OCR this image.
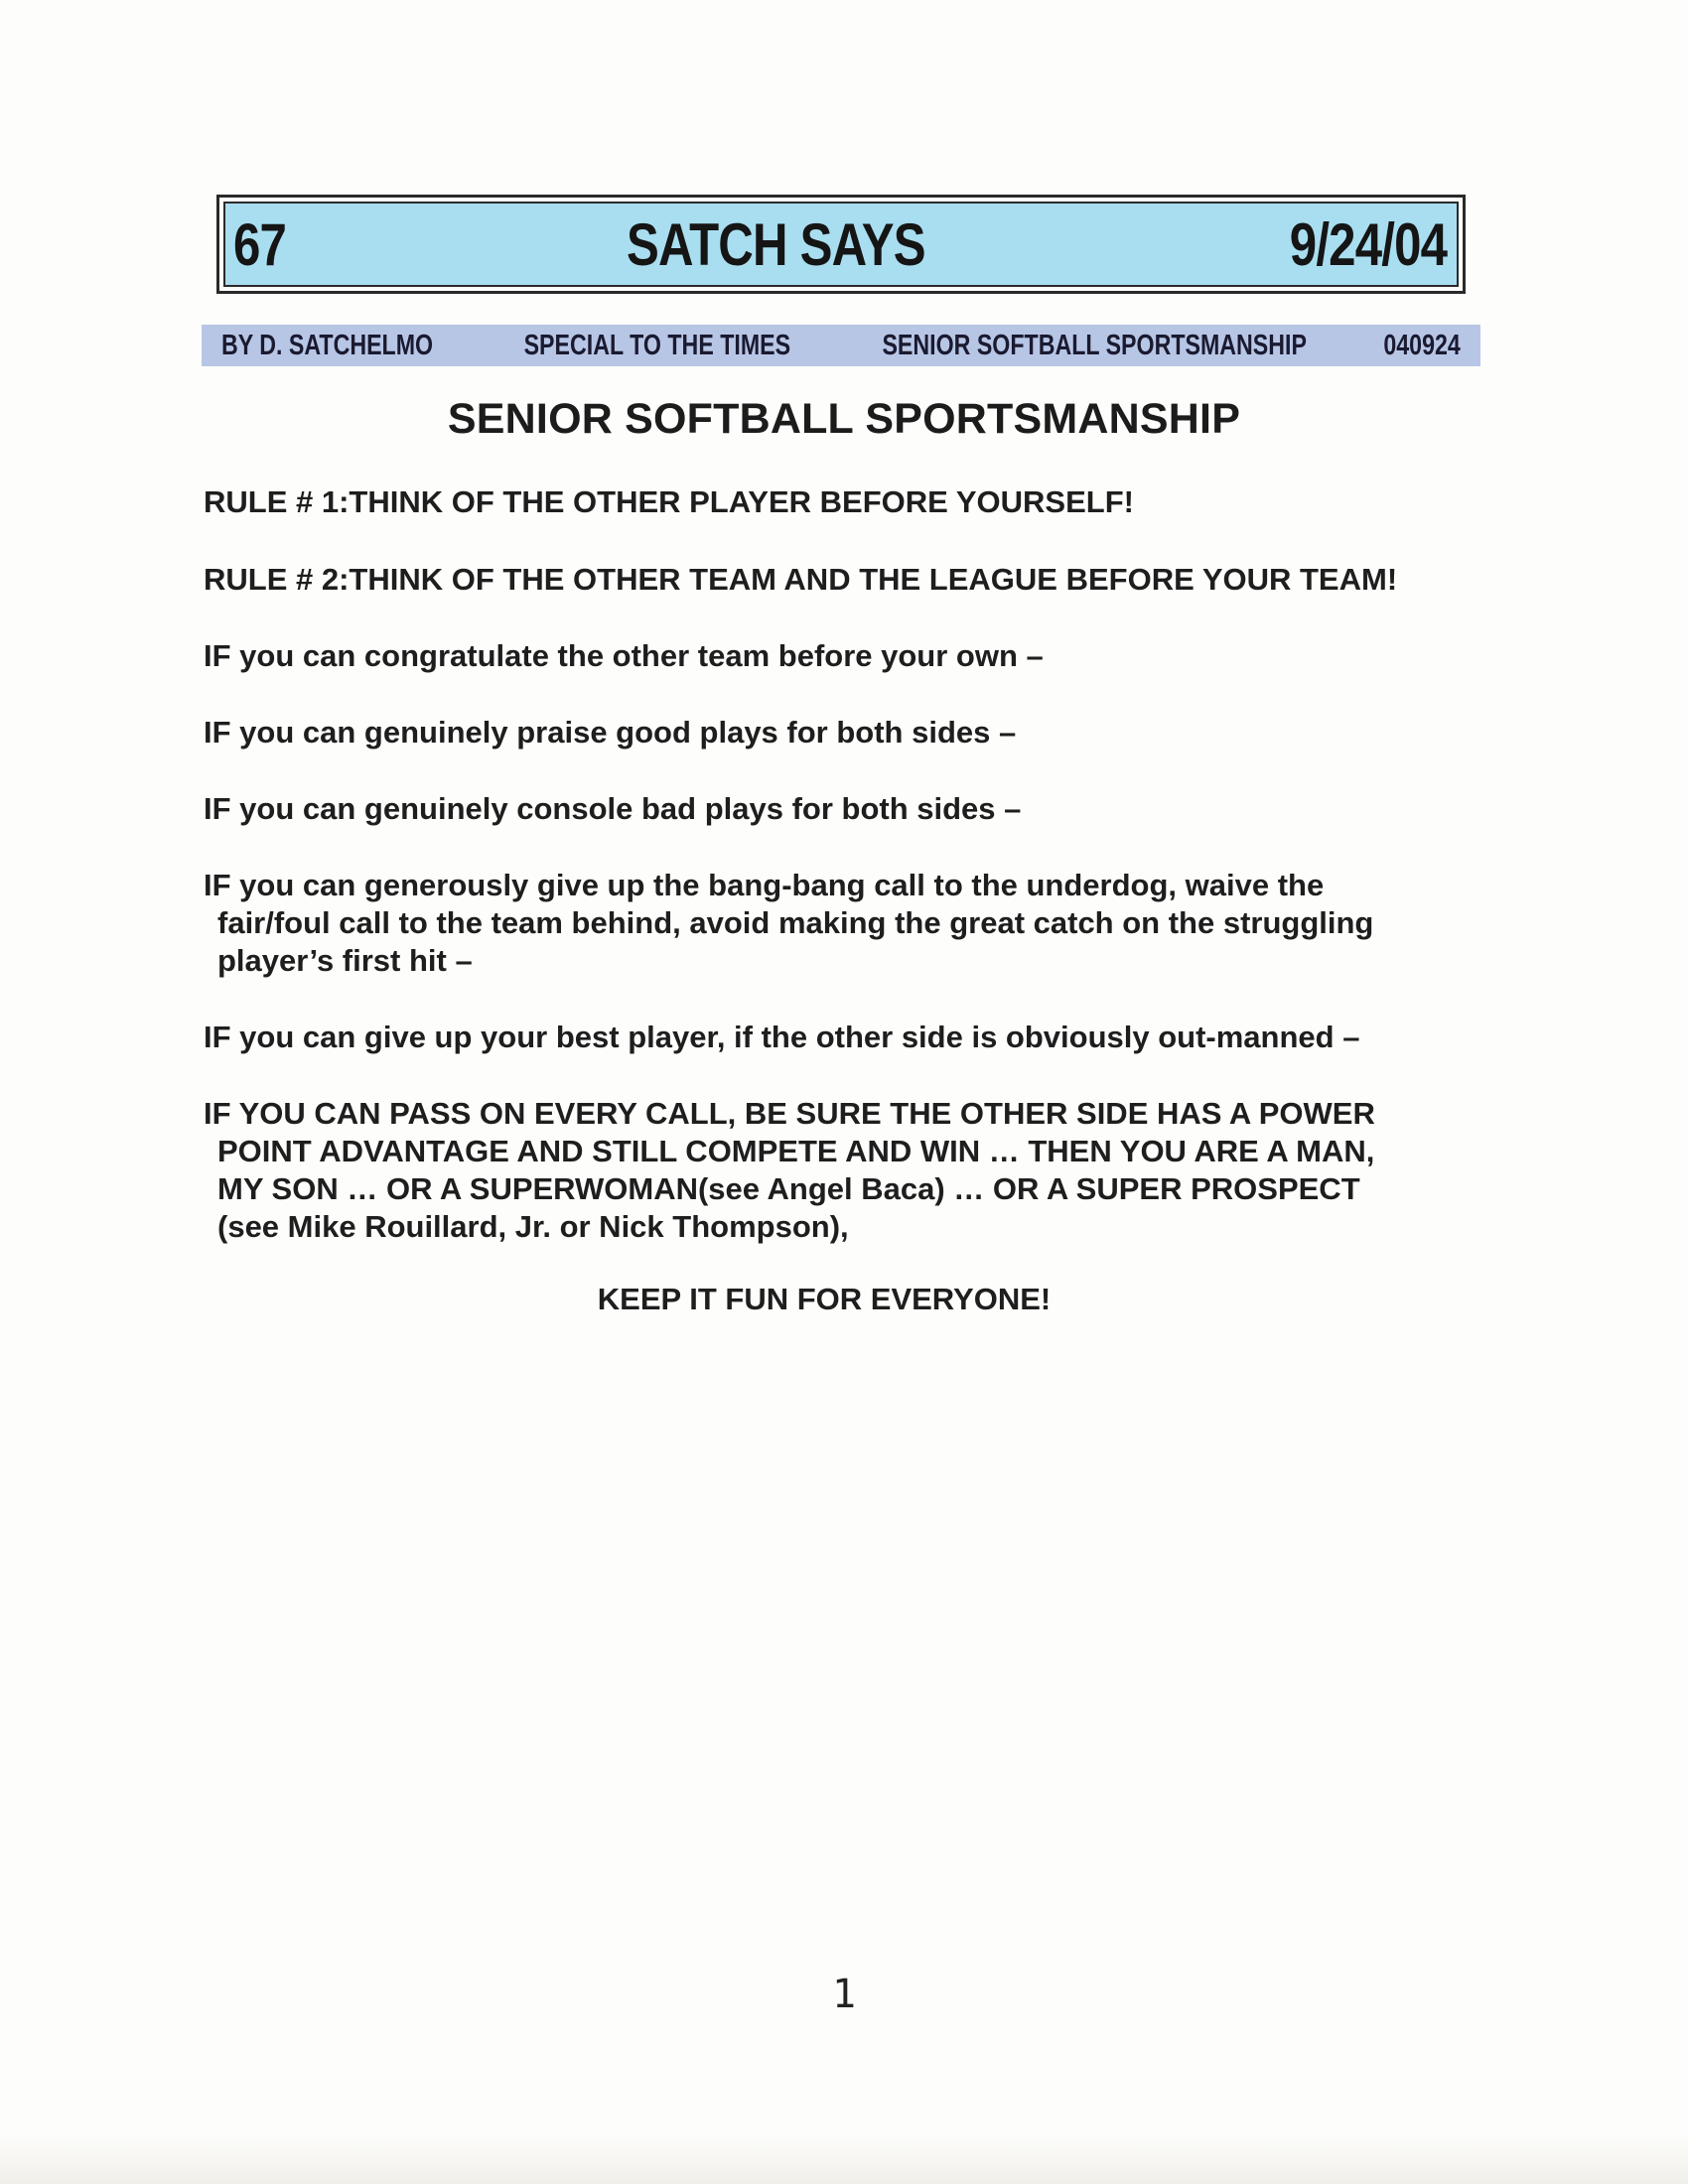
67	SATCH SAYS	9/24/04
BY D. SATCHELMO	SPECIAL TO THE TIMES	SENIOR SOFTBALL SPORTSMANSHIP	040924
SENIOR SOFTBALL SPORTSMANSHIP

RULE # 1:THINK OF THE OTHER PLAYER BEFORE YOURSELF!

RULE # 2:THINK OF THE OTHER TEAM AND THE LEAGUE BEFORE YOUR TEAM!

IF you can congratulate the other team before your own –

IF you can genuinely praise good plays for both sides –

IF you can genuinely console bad plays for both sides –

IF you can generously give up the bang-bang call to the underdog, waive the
fair/foul call to the team behind, avoid making the great catch on the struggling
player’s first hit –

IF you can give up your best player, if the other side is obviously out-manned –

IF YOU CAN PASS ON EVERY CALL, BE SURE THE OTHER SIDE HAS A POWER
POINT ADVANTAGE AND STILL COMPETE AND WIN … THEN YOU ARE A MAN,
MY SON … OR A SUPERWOMAN(see Angel Baca) … OR A SUPER PROSPECT
(see Mike Rouillard, Jr. or Nick Thompson),

KEEP IT FUN FOR EVERYONE!
1
